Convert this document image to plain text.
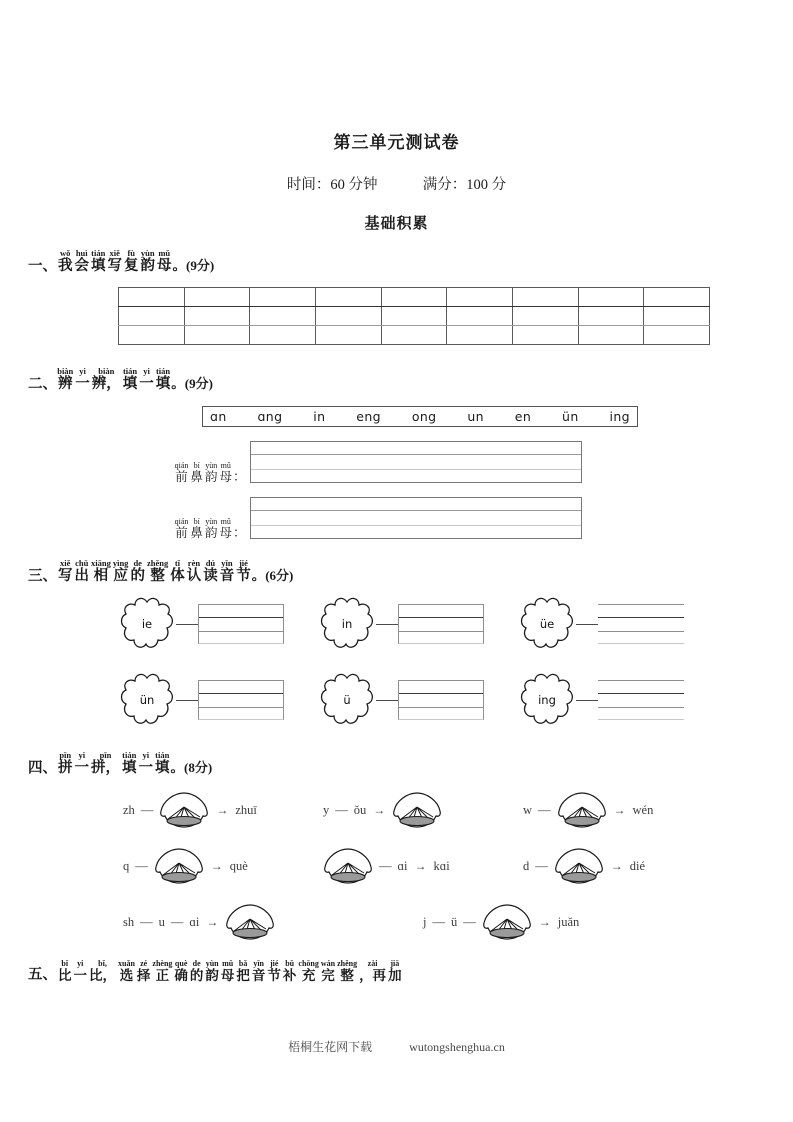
第三单元测试卷
时间：60 分钟	满分：100 分
基础积累
一、我wǒ会huì填tián写xiě复fù韵yùn母mǔ。(9分)

二、辨biàn一yi辨，biàn填tián一yi填tián。(9分)
ɑn ɑng in eng ong un en ün ing
前qián鼻bí韵yùn母mǔ：
前qián鼻bí韵yùn母mǔ：
三、写xiě出chū相xiāng应yìng的de整zhěng体tǐ认rèn读dú音yīn节jié。(6分)
ie	in	üe
ün	ü	ing
四、拼pīn一yi拼，pīn填tián一yi填tián。(8分)
zh —	→ zhuī	y — ǒu →	w —	→ wén
q —	→ què	— ɑi → kɑi	d —	→ dié
sh — u — ɑi →	j — ü —	→ juǎn
五、比bǐ一yi比，bǐ,选xuǎn择zé正zhèng确què的de韵yùn母mǔ把bǎ音yīn节jié补bǔ充chōng完wán整zhěng，再zài加jiā
梧桐生花网下载	wutongshenghua.cn
